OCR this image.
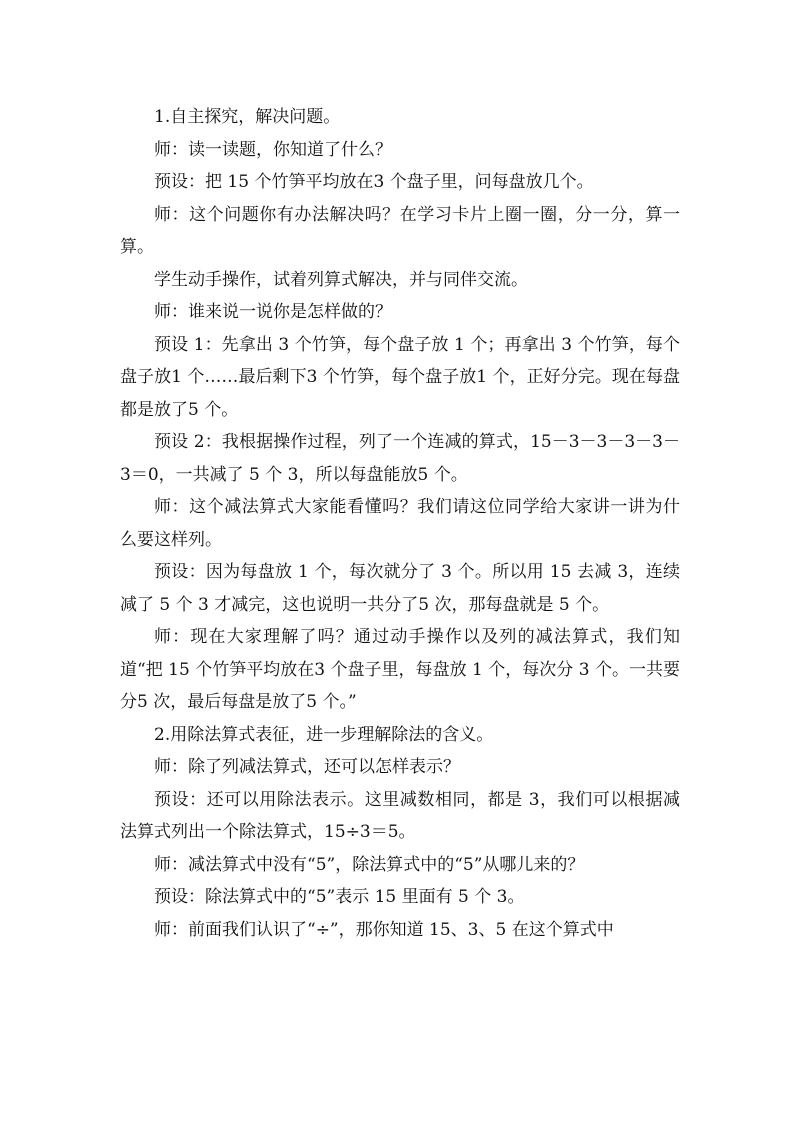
1.自主探究，解决问题。

师：读一读题，你知道了什么？

预设：把 15 个竹笋平均放在3 个盘子里，问每盘放几个。

师：这个问题你有办法解决吗？在学习卡片上圈一圈，分一分，算一算。

学生动手操作，试着列算式解决，并与同伴交流。

师：谁来说一说你是怎样做的？

预设 1：先拿出 3 个竹笋，每个盘子放 1 个；再拿出 3 个竹笋，每个盘子放1 个……最后剩下3 个竹笋，每个盘子放1 个，正好分完。现在每盘都是放了5 个。

预设 2：我根据操作过程，列了一个连减的算式，15－3－3－3－3－3＝0，一共减了 5 个 3，所以每盘能放5 个。

师：这个减法算式大家能看懂吗？我们请这位同学给大家讲一讲为什么要这样列。

预设：因为每盘放 1 个，每次就分了 3 个。所以用 15 去减 3，连续减了 5 个 3 才减完，这也说明一共分了5 次，那每盘就是 5 个。

师：现在大家理解了吗？通过动手操作以及列的减法算式，我们知道“把 15 个竹笋平均放在3 个盘子里，每盘放 1 个，每次分 3 个。一共要分5 次，最后每盘是放了5 个。”

2.用除法算式表征，进一步理解除法的含义。

师：除了列减法算式，还可以怎样表示？

预设：还可以用除法表示。这里减数相同，都是 3，我们可以根据减法算式列出一个除法算式，15÷3＝5。

师：减法算式中没有“5”，除法算式中的“5”从哪儿来的？

预设：除法算式中的“5”表示 15 里面有 5 个 3。

师：前面我们认识了“÷”，那你知道 15、3、5 在这个算式中
